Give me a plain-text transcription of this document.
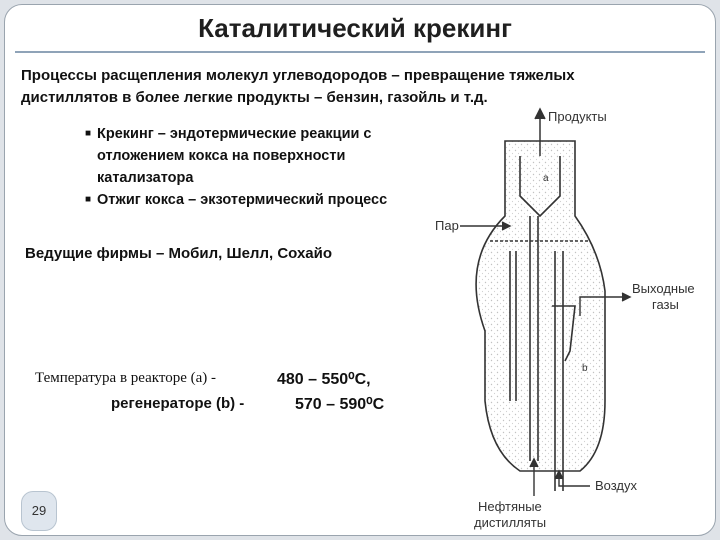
Каталитический крекинг
Процессы расщепления молекул углеводородов – превращение тяжелых дистиллятов в более легкие продукты – бензин, газойль и т.д.
■ Крекинг – эндотермические реакции с отложением кокса на поверхности катализатора
■ Отжиг кокса – экзотермический процесс
Ведущие фирмы – Мобил, Шелл, Сохайо
Температура в реакторе (a) -	480 – 550⁰С,
регенераторе (b) -	570 – 590⁰С
Продукты
Пар
Выходные
газы
Воздух
Нефтяные
дистилляты
a
b
29
